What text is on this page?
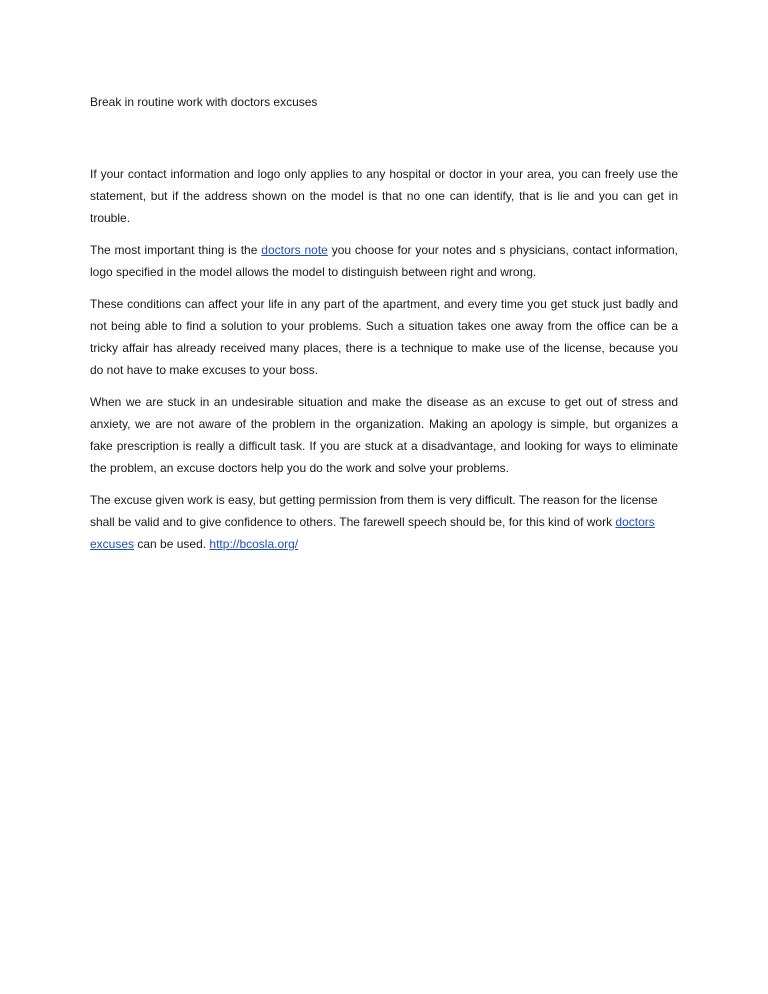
Break in routine work with doctors excuses

If your contact information and logo only applies to any hospital or doctor in your area, you can freely use the statement, but if the address shown on the model is that no one can identify, that is lie and you can get in trouble.

The most important thing is the doctors note you choose for your notes and s physicians, contact information, logo specified in the model allows the model to distinguish between right and wrong.

These conditions can affect your life in any part of the apartment, and every time you get stuck just badly and not being able to find a solution to your problems. Such a situation takes one away from the office can be a tricky affair has already received many places, there is a technique to make use of the license, because you do not have to make excuses to your boss.

When we are stuck in an undesirable situation and make the disease as an excuse to get out of stress and anxiety, we are not aware of the problem in the organization. Making an apology is simple, but organizes a fake prescription is really a difficult task. If you are stuck at a disadvantage, and looking for ways to eliminate the problem, an excuse doctors help you do the work and solve your problems.

The excuse given work is easy, but getting permission from them is very difficult. The reason for the license shall be valid and to give confidence to others. The farewell speech should be, for this kind of work doctors excuses can be used. http://bcosla.org/
